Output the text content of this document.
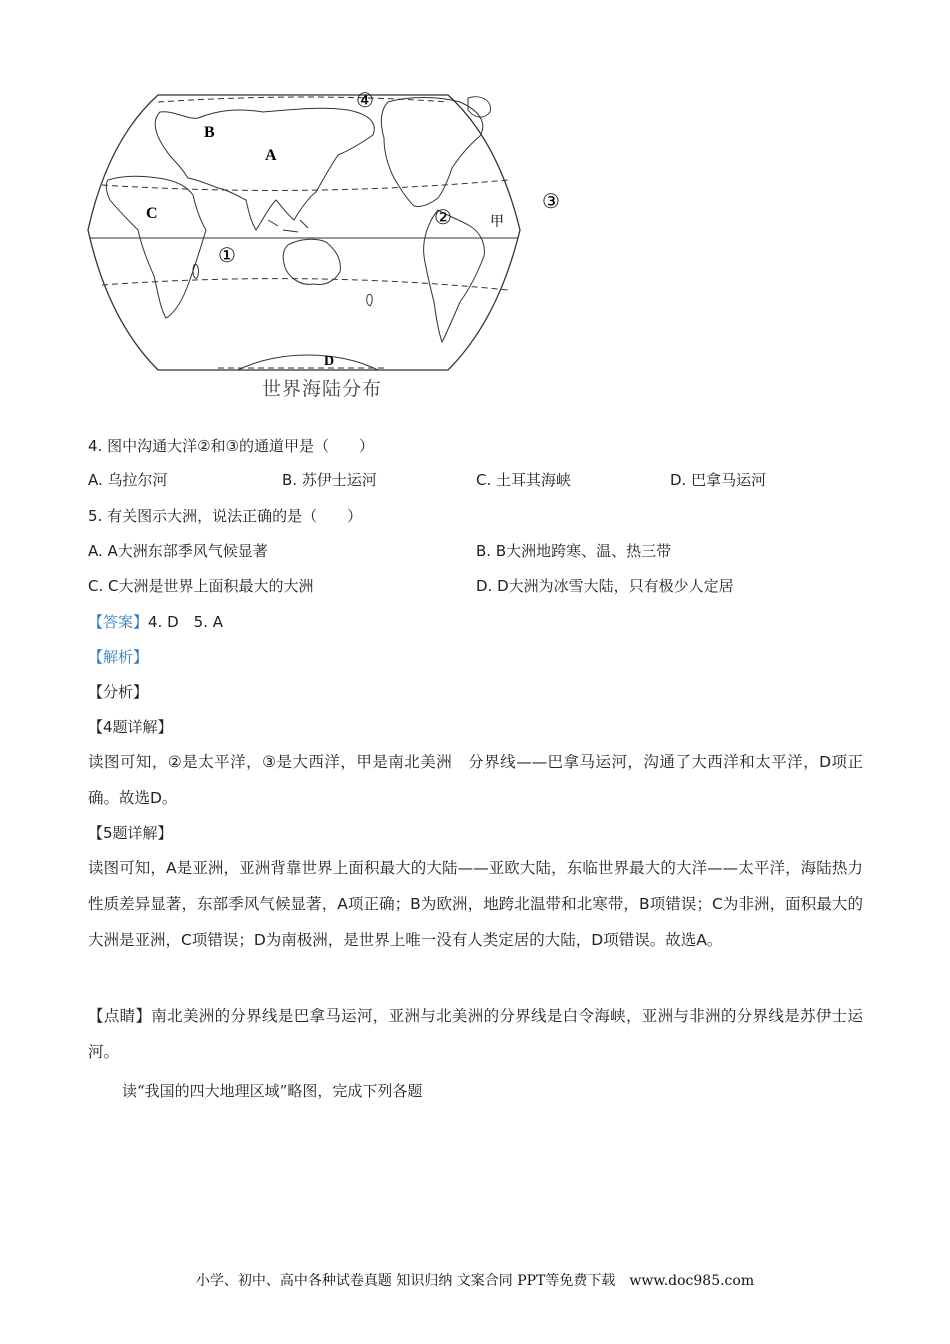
B
A
C
D
④
①
②
③
甲
世界海陆分布
4. 图中沟通大洋②和③的通道甲是（　　）
A. 乌拉尔河	B. 苏伊士运河	C. 土耳其海峡	D. 巴拿马运河
5. 有关图示大洲，说法正确的是（　　）
A. A大洲东部季风气候显著	B. B大洲地跨寒、温、热三带
C. C大洲是世界上面积最大的大洲	D. D大洲为冰雪大陆，只有极少人定居
【答案】4. D　5. A
【解析】
【分析】
【4题详解】

读图可知，②是太平洋，③是大西洋，甲是南北美洲　分界线——巴拿马运河，沟通了大西洋和太平洋，D项正确。故选D。

【5题详解】

读图可知，A是亚洲，亚洲背靠世界上面积最大的大陆——亚欧大陆，东临世界最大的大洋——太平洋，海陆热力性质差异显著，东部季风气候显著，A项正确；B为欧洲，地跨北温带和北寒带，B项错误；C为非洲，面积最大的大洲是亚洲，C项错误；D为南极洲，是世界上唯一没有人类定居的大陆，D项错误。故选A。

【点睛】南北美洲的分界线是巴拿马运河，亚洲与北美洲的分界线是白令海峡，亚洲与非洲的分界线是苏伊士运河。

读“我国的四大地理区域”略图，完成下列各题
小学、初中、高中各种试卷真题 知识归纳 文案合同 PPT等免费下载　www.doc985.com
